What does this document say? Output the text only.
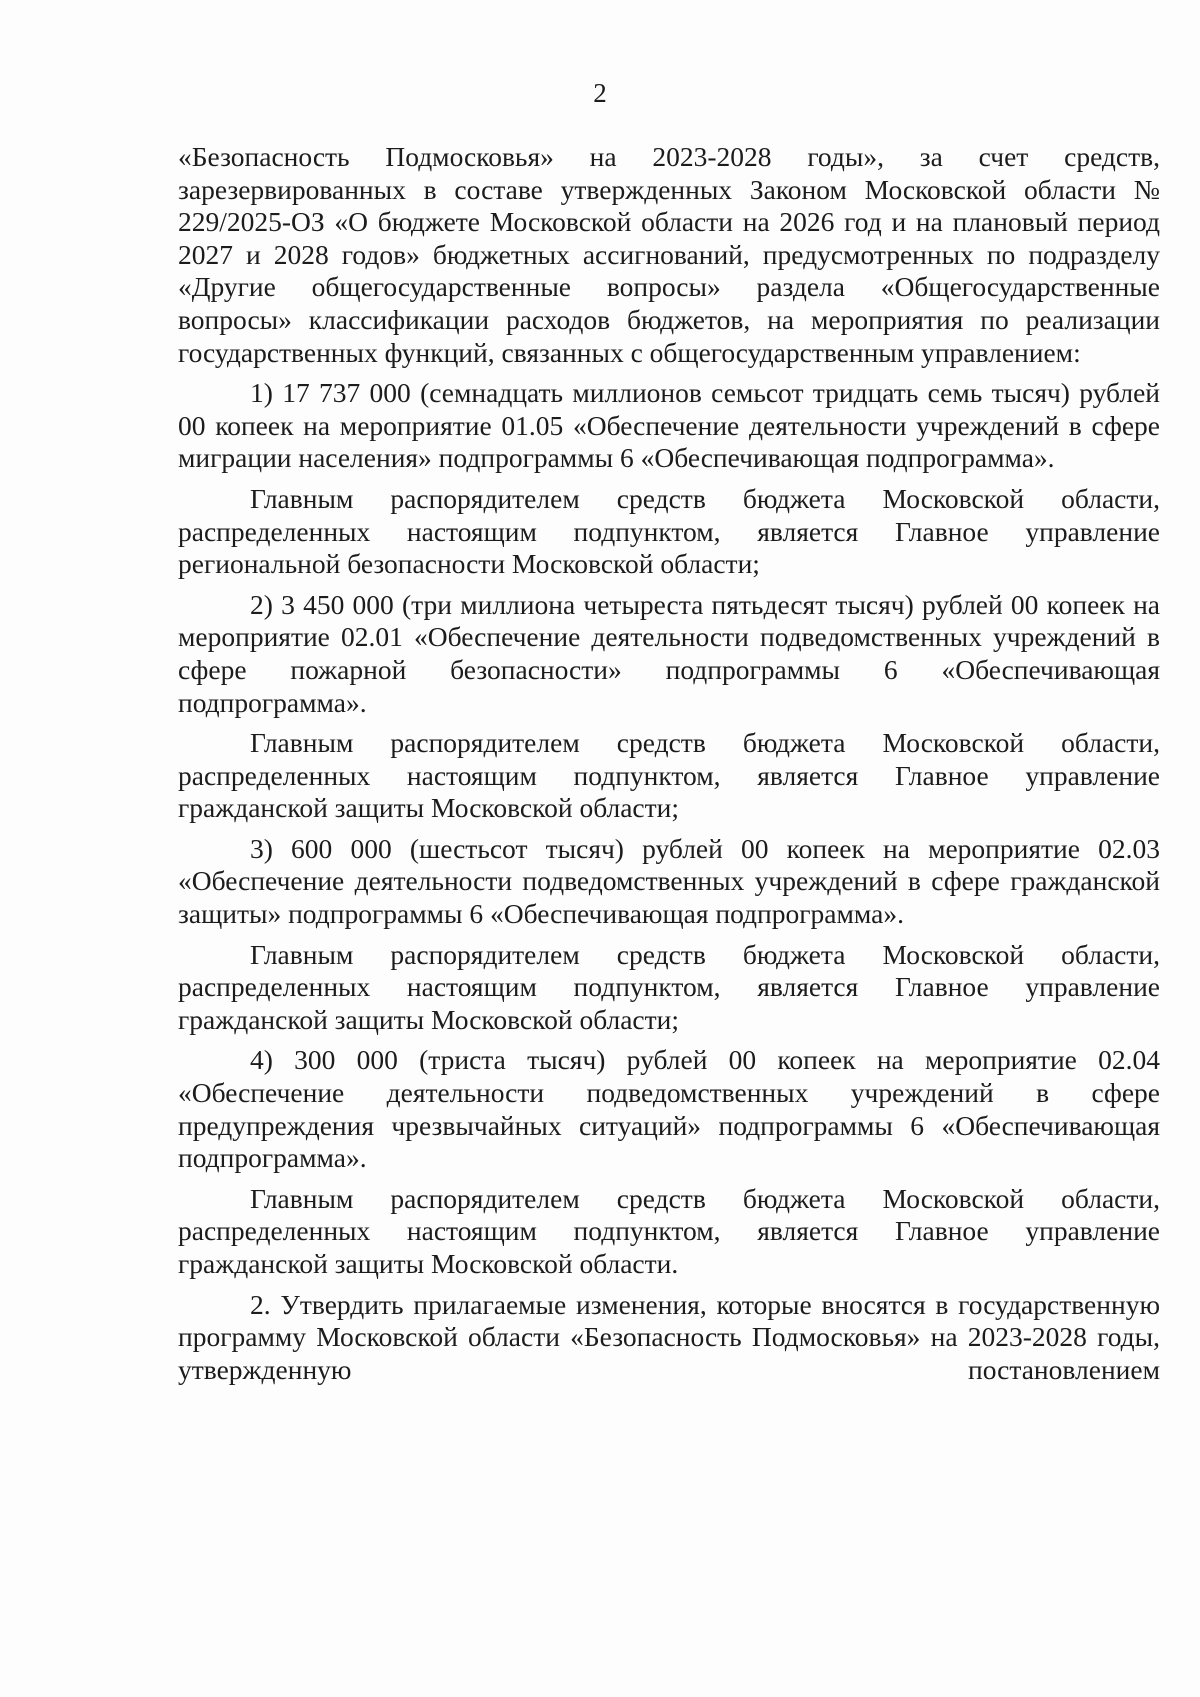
2

«Безопасность Подмосковья» на 2023-2028 годы», за счет средств, зарезервированных в составе утвержденных Законом Московской области № 229/2025-ОЗ «О бюджете Московской области на 2026 год и на плановый период 2027 и 2028 годов» бюджетных ассигнований, предусмотренных по подразделу «Другие общегосударственные вопросы» раздела «Общегосударственные вопросы» классификации расходов бюджетов, на мероприятия по реализации государственных функций, связанных с общегосударственным управлением:

1) 17 737 000 (семнадцать миллионов семьсот тридцать семь тысяч) рублей 00 копеек на мероприятие 01.05 «Обеспечение деятельности учреждений в сфере миграции населения» подпрограммы 6 «Обеспечивающая подпрограмма».

Главным распорядителем средств бюджета Московской области, распределенных настоящим подпунктом, является Главное управление региональной безопасности Московской области;

2) 3 450 000 (три миллиона четыреста пятьдесят тысяч) рублей 00 копеек на мероприятие 02.01 «Обеспечение деятельности подведомственных учреждений в сфере пожарной безопасности» подпрограммы 6 «Обеспечивающая подпрограмма».

Главным распорядителем средств бюджета Московской области, распределенных настоящим подпунктом, является Главное управление гражданской защиты Московской области;

3) 600 000 (шестьсот тысяч) рублей 00 копеек на мероприятие 02.03 «Обеспечение деятельности подведомственных учреждений в сфере гражданской защиты» подпрограммы 6 «Обеспечивающая подпрограмма».

Главным распорядителем средств бюджета Московской области, распределенных настоящим подпунктом, является Главное управление гражданской защиты Московской области;

4) 300 000 (триста тысяч) рублей 00 копеек на мероприятие 02.04 «Обеспечение деятельности подведомственных учреждений в сфере предупреждения чрезвычайных ситуаций» подпрограммы 6 «Обеспечивающая подпрограмма».

Главным распорядителем средств бюджета Московской области, распределенных настоящим подпунктом, является Главное управление гражданской защиты Московской области.

2. Утвердить прилагаемые изменения, которые вносятся в государственную программу Московской области «Безопасность Подмосковья» на 2023-2028 годы, утвержденную постановлением
